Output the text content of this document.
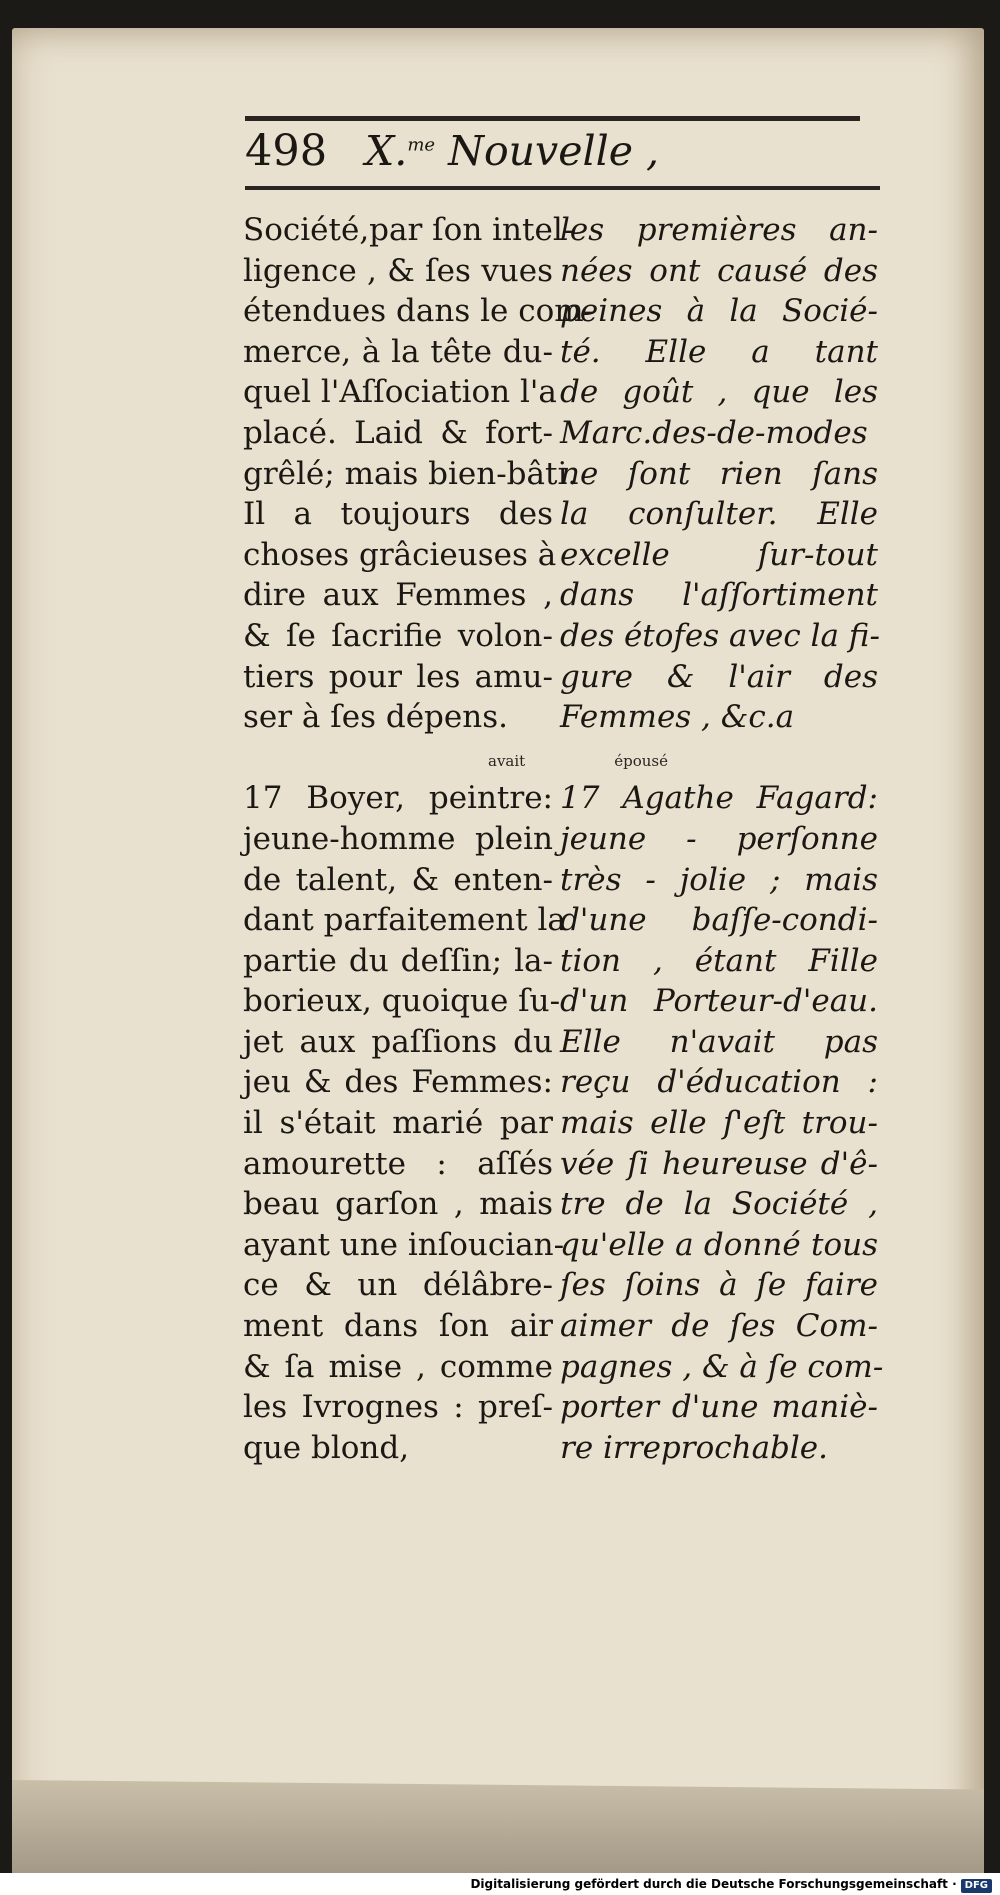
498 X.$^{me}$ Nouvelle ,
Société,par ſon intel-
ligence , & ſes vues
étendues dans le com-
merce, à la tête du-
quel l'Aſſociation l'a
placé. Laid & fort-
grêlé; mais bien-bâti.
Il a toujours des
choses grâcieuses à
dire aux Femmes ,
& ſe ſacrifie volon-
tiers pour les amu-
ser à ſes dépens.

17 Boyer, peintre:
jeune-homme plein
de talent, & enten-
dant parfaitement la
partie du deſſin; la-
borieux, quoique ſu-
jet aux paſſions du
jeu & des Femmes:
il s'était marié par
amourette : aſſés
beau garſon , mais
ayant une inſoucian-
ce & un délâbre-
ment dans ſon air
& ſa mise , comme
les Ivrognes : preſ-
que blond,
les premières an-
nées ont causé des
peines à la Socié-
té. Elle a tant
de goût , que les
Marc.des-de-modes
ne ſont rien ſans
la conſulter. Elle
excelle ſur-tout
dans l'aſſortiment
des étofes avec la fi-
gure & l'air des
Femmes , &c.a

17 Agathe Fagard:
jeune - perſonne
très - jolie ; mais
d'une baſſe-condi-
tion , étant Fille
d'un Porteur-d'eau.
Elle n'avait pas
reçu d'éducation :
mais elle ſ'eſt trou-
vée ſi heureuse d'ê-
tre de la Société ,
qu'elle a donné tous
ſes ſoins à ſe faire
aimer de ſes Com-
pagnes , & à ſe com-
porter d'une maniè-
re irreprochable.
avait	épousé
Digitalisierung gefördert durch die Deutsche Forschungsgemeinschaft · DFG
